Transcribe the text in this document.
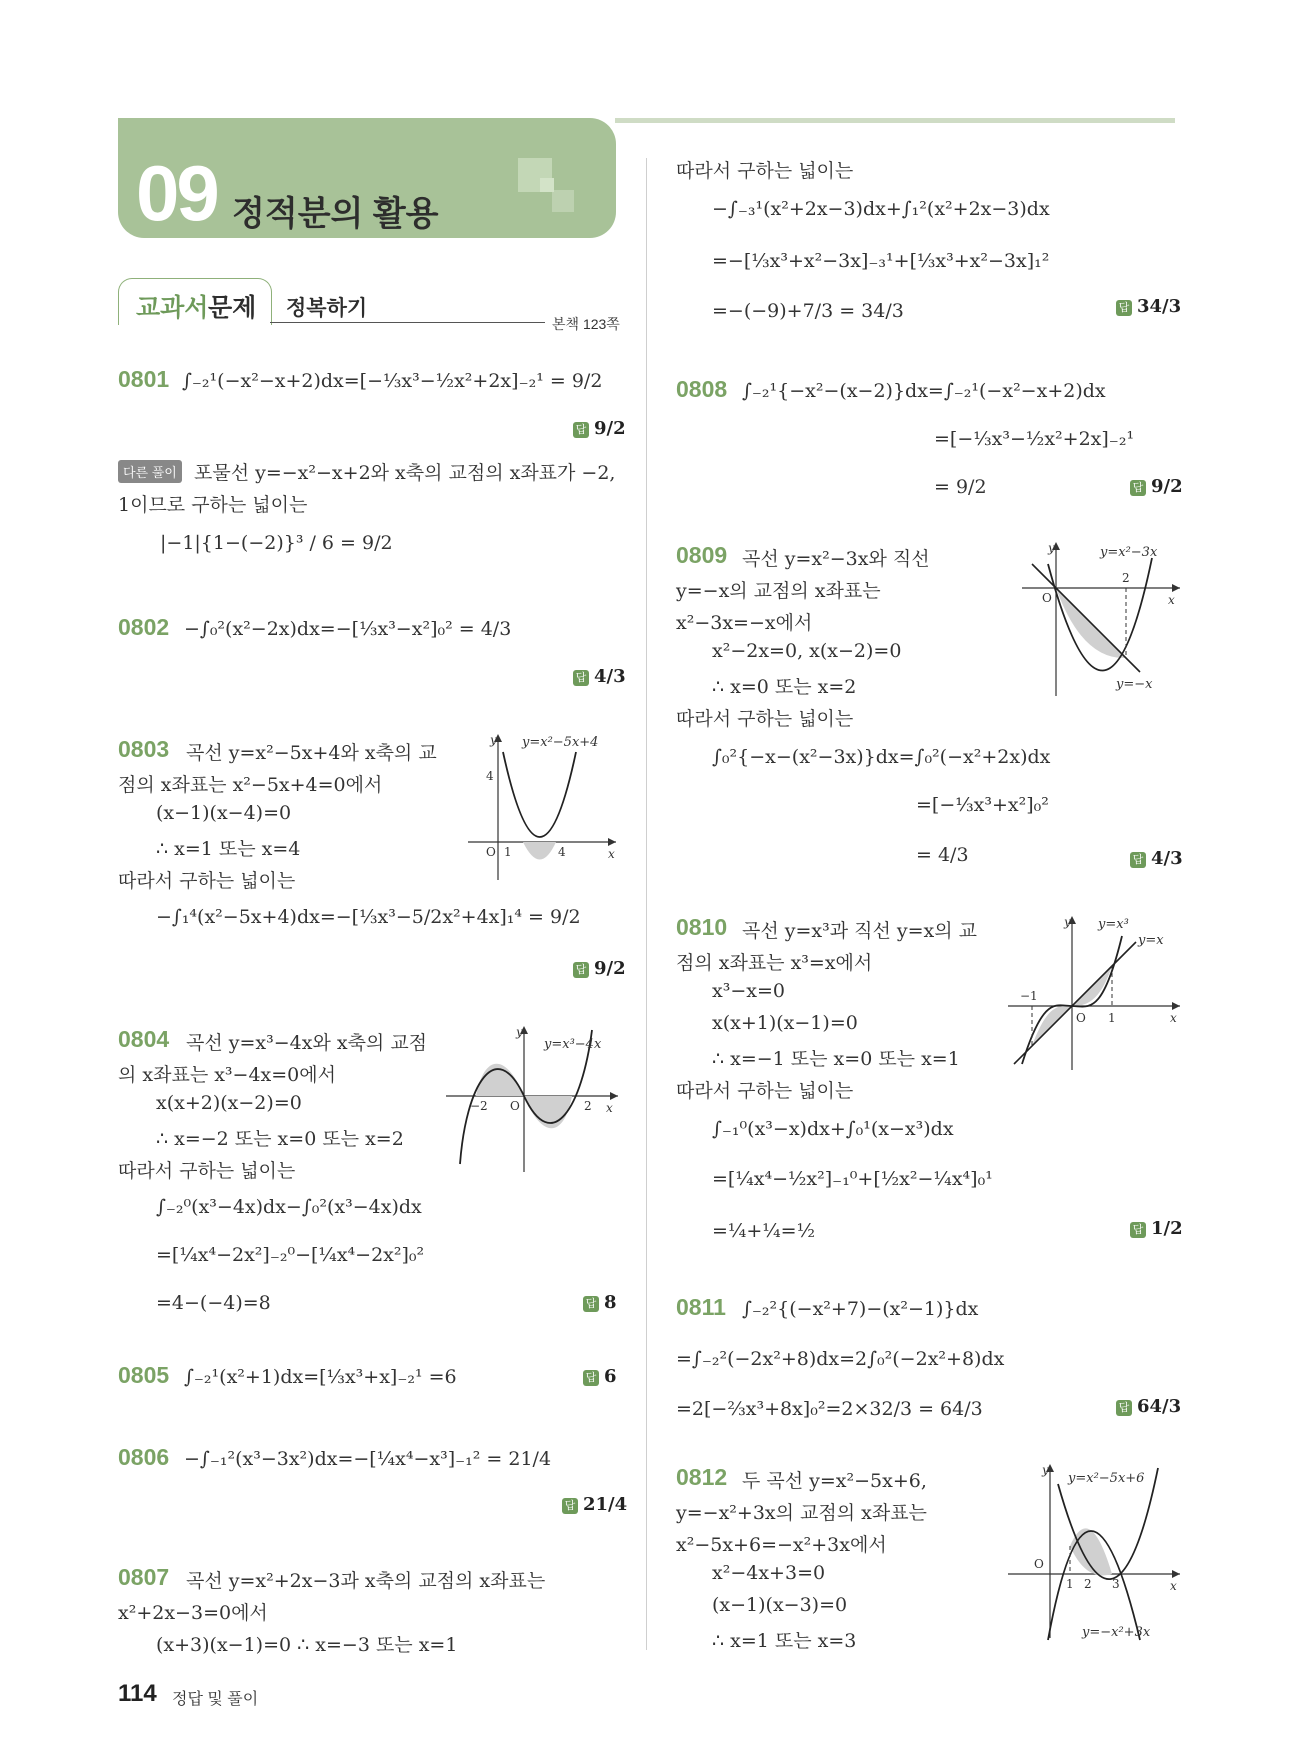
09 정적분의 활용
교과서 문제 정복하기
본책 123쪽
0801 ∫₋₂¹(−x²−x+2)dx=[−⅓x³−½x²+2x]₋₂¹ = 9/2
답 9/2
다른 풀이 포물선 y=−x²−x+2와 x축의 교점의 x좌표가 −2,
1이므로 구하는 넓이는
|−1|{1−(−2)}³ / 6 = 9/2
0802 −∫₀²(x²−2x)dx=−[⅓x³−x²]₀² = 4/3
답 4/3
0803 곡선 y=x²−5x+4와 x축의 교
점의 x좌표는 x²−5x+4=0에서
(x−1)(x−4)=0
∴ x=1 또는 x=4
따라서 구하는 넓이는
−∫₁⁴(x²−5x+4)dx=−[⅓x³−5/2x²+4x]₁⁴ = 9/2
답 9/2
y
x
O 1	4
4
y=x²−5x+4
0804 곡선 y=x³−4x와 x축의 교점
의 x좌표는 x³−4x=0에서
x(x+2)(x−2)=0
∴ x=−2 또는 x=0 또는 x=2
따라서 구하는 넓이는
∫₋₂⁰(x³−4x)dx−∫₀²(x³−4x)dx
=[¼x⁴−2x²]₋₂⁰−[¼x⁴−2x²]₀²
=4−(−4)=8	답 8
y
x
−2 O	2
y=x³−4x
0805 ∫₋₂¹(x²+1)dx=[⅓x³+x]₋₂¹ =6	답 6
0806 −∫₋₁²(x³−3x²)dx=−[¼x⁴−x³]₋₁² = 21/4
답 21/4
0807 곡선 y=x²+2x−3과 x축의 교점의 x좌표는
x²+2x−3=0에서
(x+3)(x−1)=0 ∴ x=−3 또는 x=1
따라서 구하는 넓이는
−∫₋₃¹(x²+2x−3)dx+∫₁²(x²+2x−3)dx
=−[⅓x³+x²−3x]₋₃¹+[⅓x³+x²−3x]₁²
=−(−9)+7/3 = 34/3	답 34/3
0808 ∫₋₂¹{−x²−(x−2)}dx=∫₋₂¹(−x²−x+2)dx
=[−⅓x³−½x²+2x]₋₂¹
= 9/2	답 9/2
0809 곡선 y=x²−3x와 직선
y=−x의 교점의 x좌표는
x²−3x=−x에서
x²−2x=0, x(x−2)=0
∴ x=0 또는 x=2
따라서 구하는 넓이는
∫₀²{−x−(x²−3x)}dx=∫₀²(−x²+2x)dx
=[−⅓x³+x²]₀²
= 4/3	답 4/3
y
x
O
2
y=x²−3x
y=−x
0810 곡선 y=x³과 직선 y=x의 교
점의 x좌표는 x³=x에서
x³−x=0
x(x+1)(x−1)=0
∴ x=−1 또는 x=0 또는 x=1
따라서 구하는 넓이는
∫₋₁⁰(x³−x)dx+∫₀¹(x−x³)dx
=[¼x⁴−½x²]₋₁⁰+[½x²−¼x⁴]₀¹
=¼+¼=½	답 1/2
y
x
−1
O 1
y=x³
y=x
0811 ∫₋₂²{(−x²+7)−(x²−1)}dx
=∫₋₂²(−2x²+8)dx=2∫₀²(−2x²+8)dx
=2[−⅔x³+8x]₀²=2×32/3 = 64/3	답 64/3
0812 두 곡선 y=x²−5x+6,
y=−x²+3x의 교점의 x좌표는
x²−5x+6=−x²+3x에서
x²−4x+3=0
(x−1)(x−3)=0
∴ x=1 또는 x=3
y
x
O
1 2 3
y=x²−5x+6
y=−x²+3x
114 정답 및 풀이
